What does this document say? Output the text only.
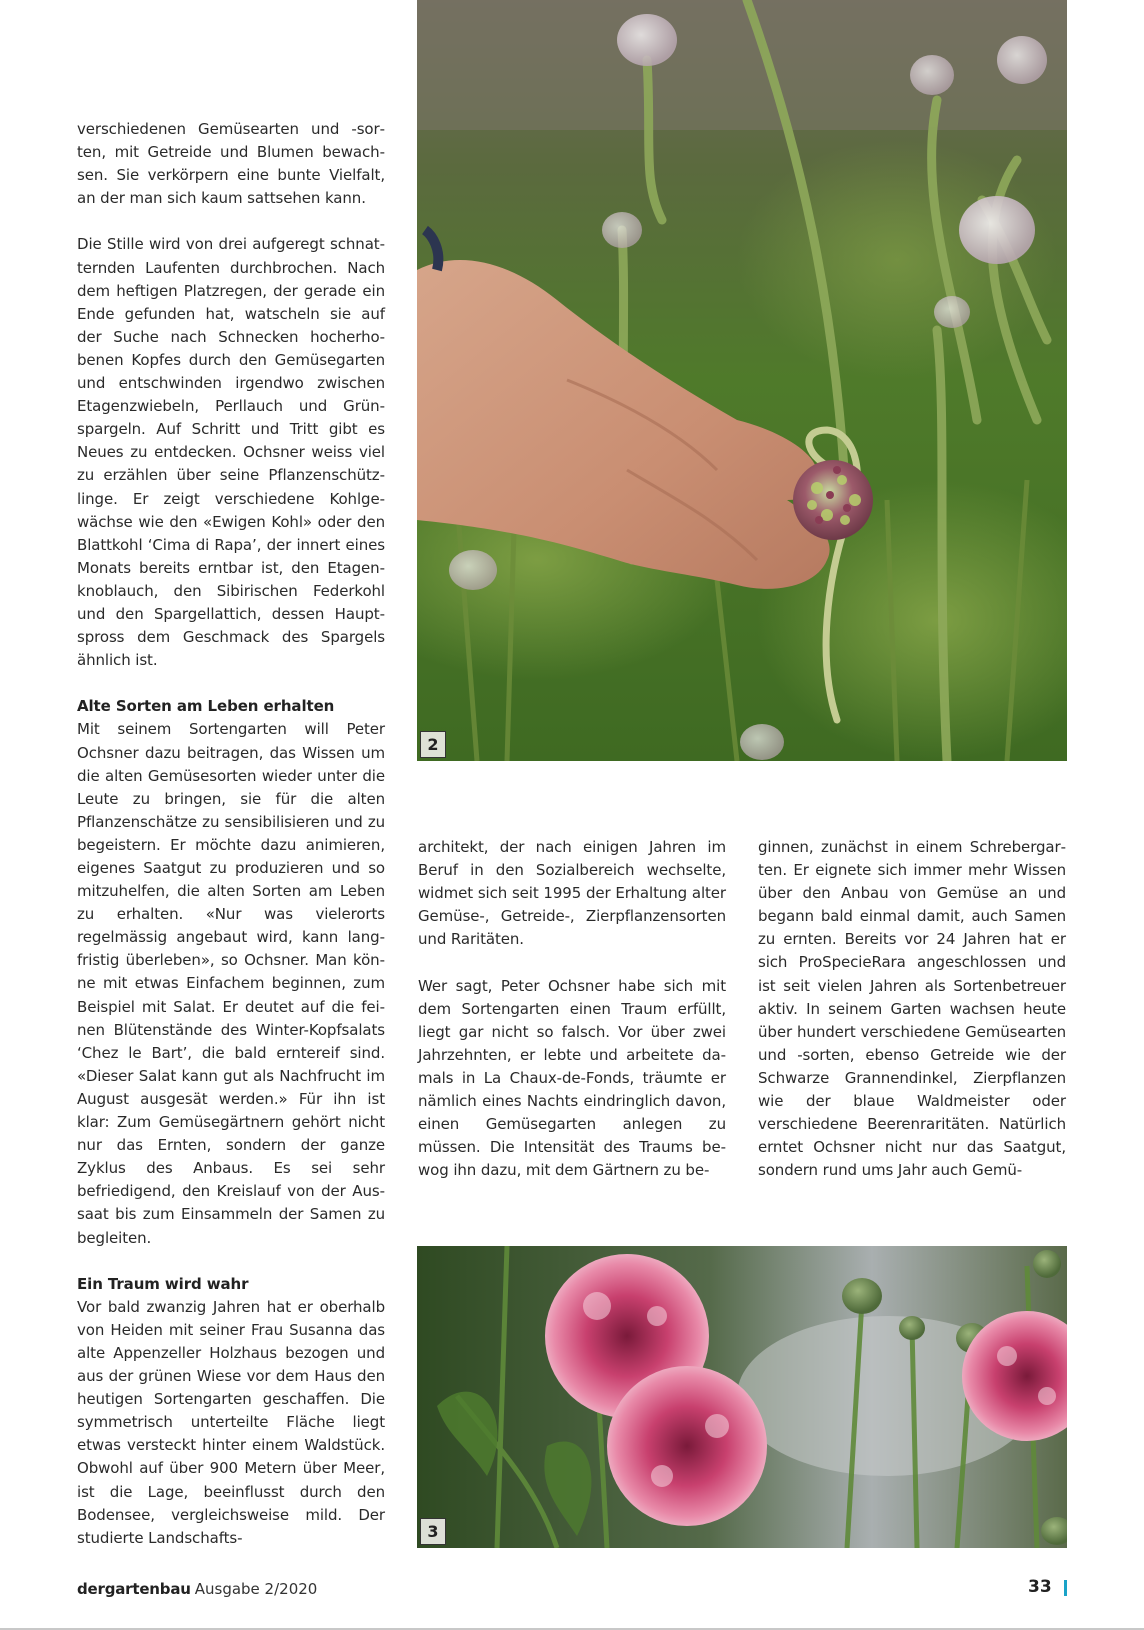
verschiedenen Gemüsearten und -sorten, mit Getreide und Blumen bewachsen. Sie verkörpern eine bunte Vielfalt, an der man sich kaum sattsehen kann.

Die Stille wird von drei aufgeregt schnatternden Laufenten durchbrochen. Nach dem heftigen Platzregen, der gerade ein Ende gefunden hat, watscheln sie auf der Suche nach Schnecken hocherhobenen Kopfes durch den Gemüsegarten und entschwinden irgendwo zwischen Etagenzwiebeln, Perllauch und Grünspargeln. Auf Schritt und Tritt gibt es Neues zu entdecken. Ochsner weiss viel zu erzählen über seine Pflanzenschützlinge. Er zeigt verschiedene Kohlgewächse wie den «Ewigen Kohl» oder den Blattkohl ‘Cima di Rapa’, der innert eines Monats bereits erntbar ist, den Etagenknoblauch, den Sibirischen Federkohl und den Spargellattich, dessen Hauptspross dem Geschmack des Spargels ähnlich ist.

Alte Sorten am Leben erhalten

Mit seinem Sortengarten will Peter Ochsner dazu beitragen, das Wissen um die alten Gemüsesorten wieder unter die Leute zu bringen, sie für die alten Pflanzenschätze zu sensibilisieren und zu begeistern. Er möchte dazu animieren, eigenes Saatgut zu produzieren und so mitzuhelfen, die alten Sorten am Leben zu erhalten. «Nur was vielerorts regelmässig angebaut wird, kann langfristig überleben», so Ochsner. Man könne mit etwas Einfachem beginnen, zum Beispiel mit Salat. Er deutet auf die feinen Blütenstände des Winter-Kopfsalats ‘Chez le Bart’, die bald erntereif sind. «Dieser Salat kann gut als Nachfrucht im August ausgesät werden.» Für ihn ist klar: Zum Gemüsegärtnern gehört nicht nur das Ernten, sondern der ganze Zyklus des Anbaus. Es sei sehr befriedigend, den Kreislauf von der Aussaat bis zum Einsammeln der Samen zu begleiten.

Ein Traum wird wahr

Vor bald zwanzig Jahren hat er oberhalb von Heiden mit seiner Frau Susanna das alte Appenzeller Holzhaus bezogen und aus der grünen Wiese vor dem Haus den heutigen Sortengarten geschaffen. Die symmetrisch unterteilte Fläche liegt etwas versteckt hinter einem Waldstück. Obwohl auf über 900 Metern über Meer, ist die Lage, beeinflusst durch den Bodensee, vergleichsweise mild. Der studierte Landschafts-

2

architekt, der nach einigen Jahren im Beruf in den Sozialbereich wechselte, widmet sich seit 1995 der Erhaltung alter Gemüse-, Getreide-, Zierpflanzensorten und Raritäten.

Wer sagt, Peter Ochsner habe sich mit dem Sortengarten einen Traum erfüllt, liegt gar nicht so falsch. Vor über zwei Jahrzehnten, er lebte und arbeitete damals in La Chaux-de-Fonds, träumte er nämlich eines Nachts eindringlich davon, einen Gemüsegarten anlegen zu müssen. Die Intensität des Traums bewog ihn dazu, mit dem Gärtnern zu be-

ginnen, zunächst in einem Schrebergarten. Er eignete sich immer mehr Wissen über den Anbau von Gemüse an und begann bald einmal damit, auch Samen zu ernten. Bereits vor 24 Jahren hat er sich ProSpecieRara angeschlossen und ist seit vielen Jahren als Sortenbetreuer aktiv. In seinem Garten wachsen heute über hundert verschiedene Gemüsearten und -sorten, ebenso Getreide wie der Schwarze Grannendinkel, Zierpflanzen wie der blaue Waldmeister oder verschiedene Beerenraritäten. Natürlich erntet Ochsner nicht nur das Saatgut, sondern rund ums Jahr auch Gemü-

3
dergartenbau Ausgabe 2/2020	33
